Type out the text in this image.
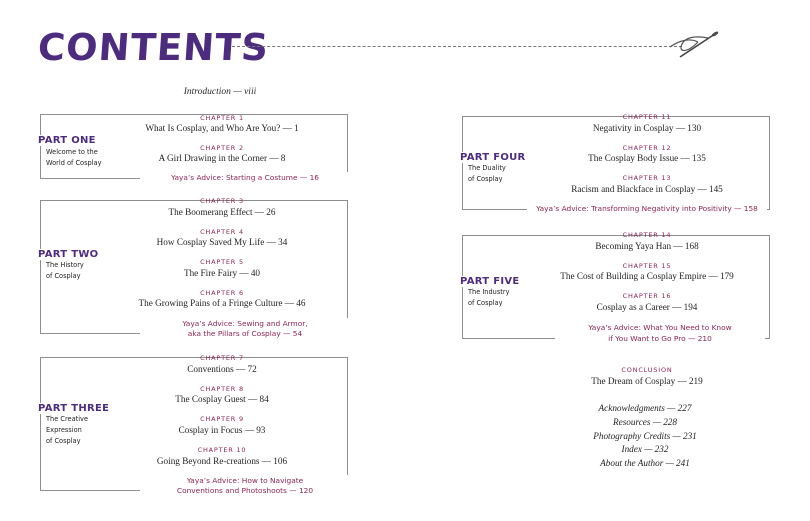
CONTENTS
Introduction — viii
PART ONE
Welcome to the
World of Cosplay
CHAPTER 1
What Is Cosplay, and Who Are You? — 1
CHAPTER 2
A Girl Drawing in the Corner — 8
Yaya’s Advice: Starting a Costume — 16
PART TWO
The History
of Cosplay
CHAPTER 3
The Boomerang Effect — 26
CHAPTER 4
How Cosplay Saved My Life — 34
CHAPTER 5
The Fire Fairy — 40
CHAPTER 6
The Growing Pains of a Fringe Culture — 46
Yaya’s Advice: Sewing and Armor,
aka the Pillars of Cosplay — 54
PART THREE
The Creative
Expression
of Cosplay
CHAPTER 7
Conventions — 72
CHAPTER 8
The Cosplay Guest — 84
CHAPTER 9
Cosplay in Focus — 93
CHAPTER 10
Going Beyond Re-creations — 106
Yaya’s Advice: How to Navigate
Conventions and Photoshoots — 120
PART FOUR
The Duality
of Cosplay
CHAPTER 11
Negativity in Cosplay — 130
CHAPTER 12
The Cosplay Body Issue — 135
CHAPTER 13
Racism and Blackface in Cosplay — 145
Yaya’s Advice: Transforming Negativity into Positivity — 158
PART FIVE
The Industry
of Cosplay
CHAPTER 14
Becoming Yaya Han — 168
CHAPTER 15
The Cost of Building a Cosplay Empire — 179
CHAPTER 16
Cosplay as a Career — 194
Yaya’s Advice: What You Need to Know
if You Want to Go Pro — 210
CONCLUSION
The Dream of Cosplay — 219
Acknowledgments — 227
Resources — 228
Photography Credits — 231
Index — 232
About the Author — 241
